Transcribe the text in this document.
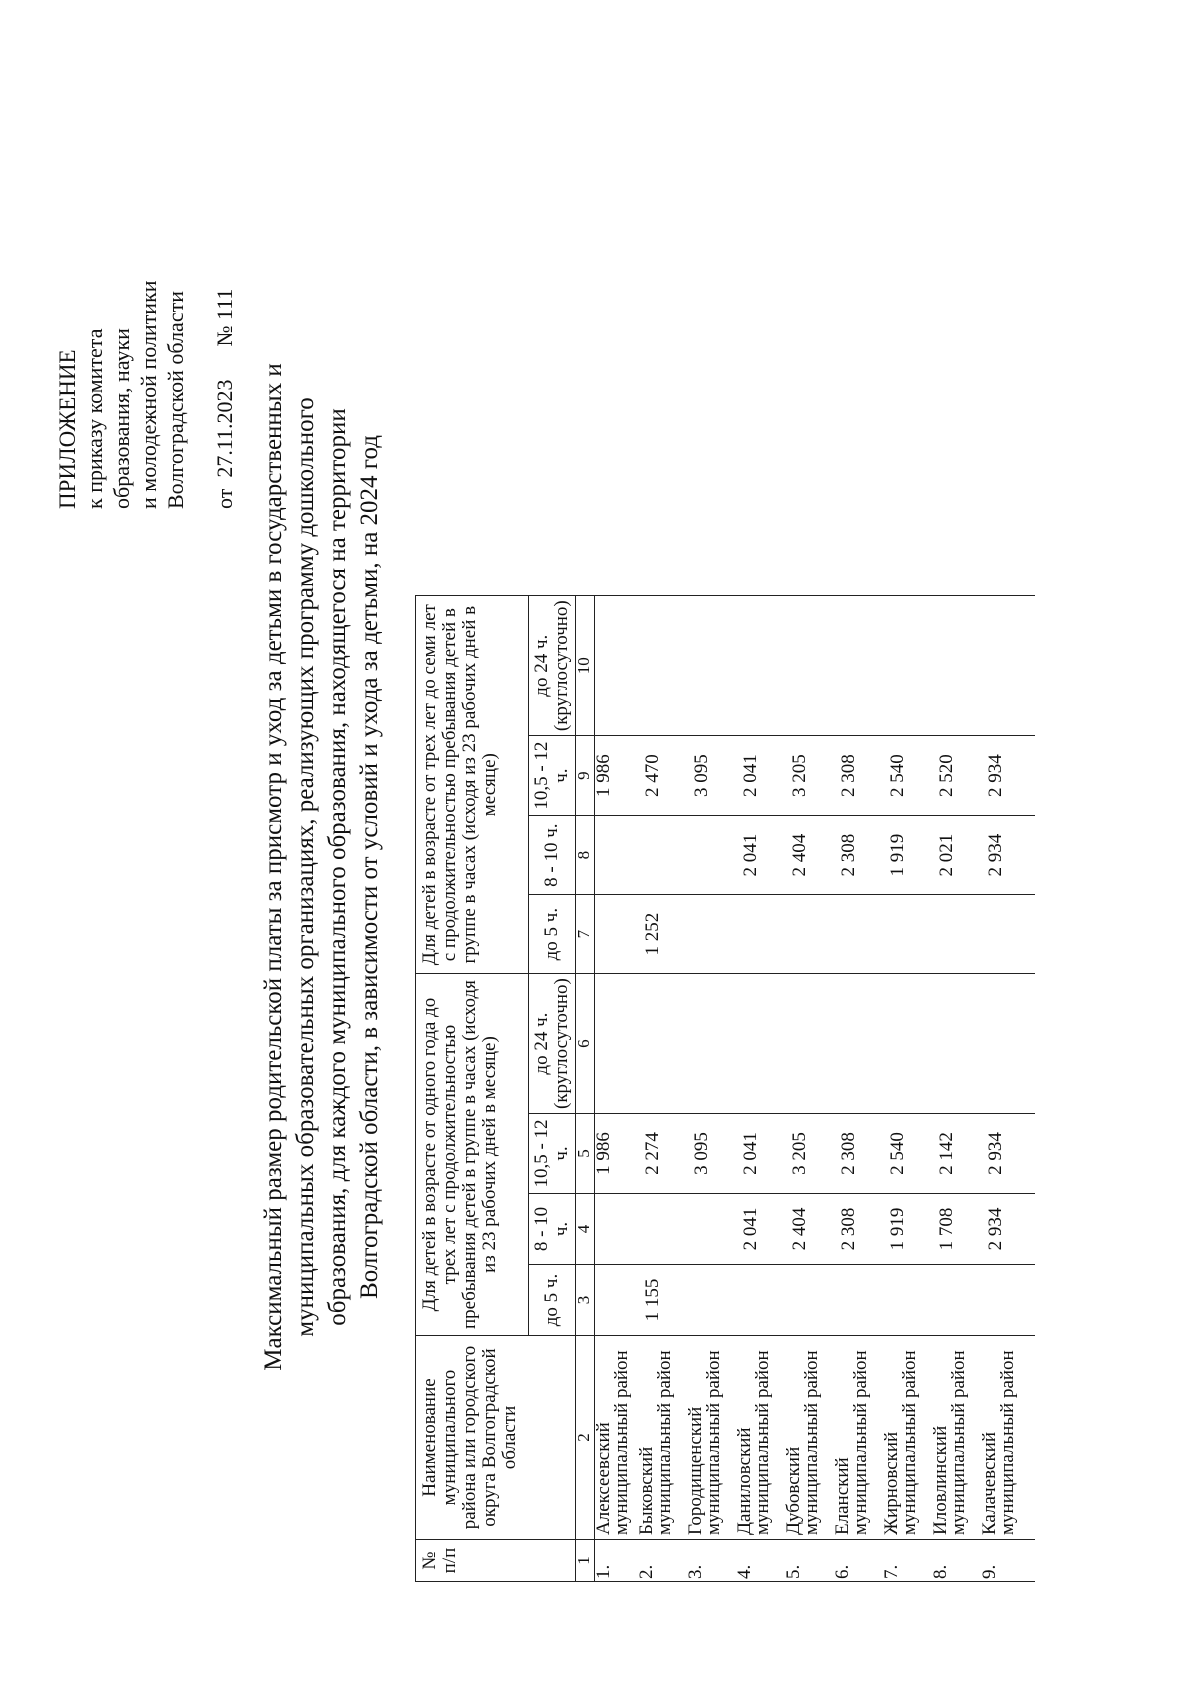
ПРИЛОЖЕНИЕ к приказу комитета образования, науки и молодежной политики Волгоградской области от  27.11.2023      № 111
Максимальный размер родительской платы за присмотр и уход за детьми в государственных и муниципальных образовательных организациях, реализующих программу дошкольного образования, для каждого муниципального образования, находящегося на территории Волгоградской области, в зависимости от условий и ухода за детьми, на 2024 год
№ п/п	Наименование муниципального района или городского округа Волгоградской области	Для детей в возрасте от одного года до трех лет с продолжительностью пребывания детей в группе в часах (исходя из 23 рабочих дней в месяце)				Для детей в возрасте от трех лет до семи лет с продолжительностью пребывания детей в группе в часах (исходя из 23 рабочих дней в месяце)			
		до 5 ч.	8 - 10 ч.	10,5 - 12 ч.	до 24 ч. (круглосуточно)	до 5 ч.	8 - 10 ч.	10,5 - 12 ч.	до 24 ч. (круглосуточно)
1	2	3	4	5	6	7	8	9	10
1.	Алексеевский муниципальный район			1 986				1 986	
2.	Быковский муниципальный район	1 155		2 274		1 252		2 470	
3.	Городищенский муниципальный район			3 095				3 095	
4.	Даниловский муниципальный район		2 041	2 041			2 041	2 041	
5.	Дубовский муниципальный район		2 404	3 205			2 404	3 205	
6.	Еланский муниципальный район		2 308	2 308			2 308	2 308	
7.	Жирновский муниципальный район		1 919	2 540			1 919	2 540	
8.	Иловлинский муниципальный район		1 708	2 142			2 021	2 520	
9.	Калачевский муниципальный район		2 934	2 934			2 934	2 934	
